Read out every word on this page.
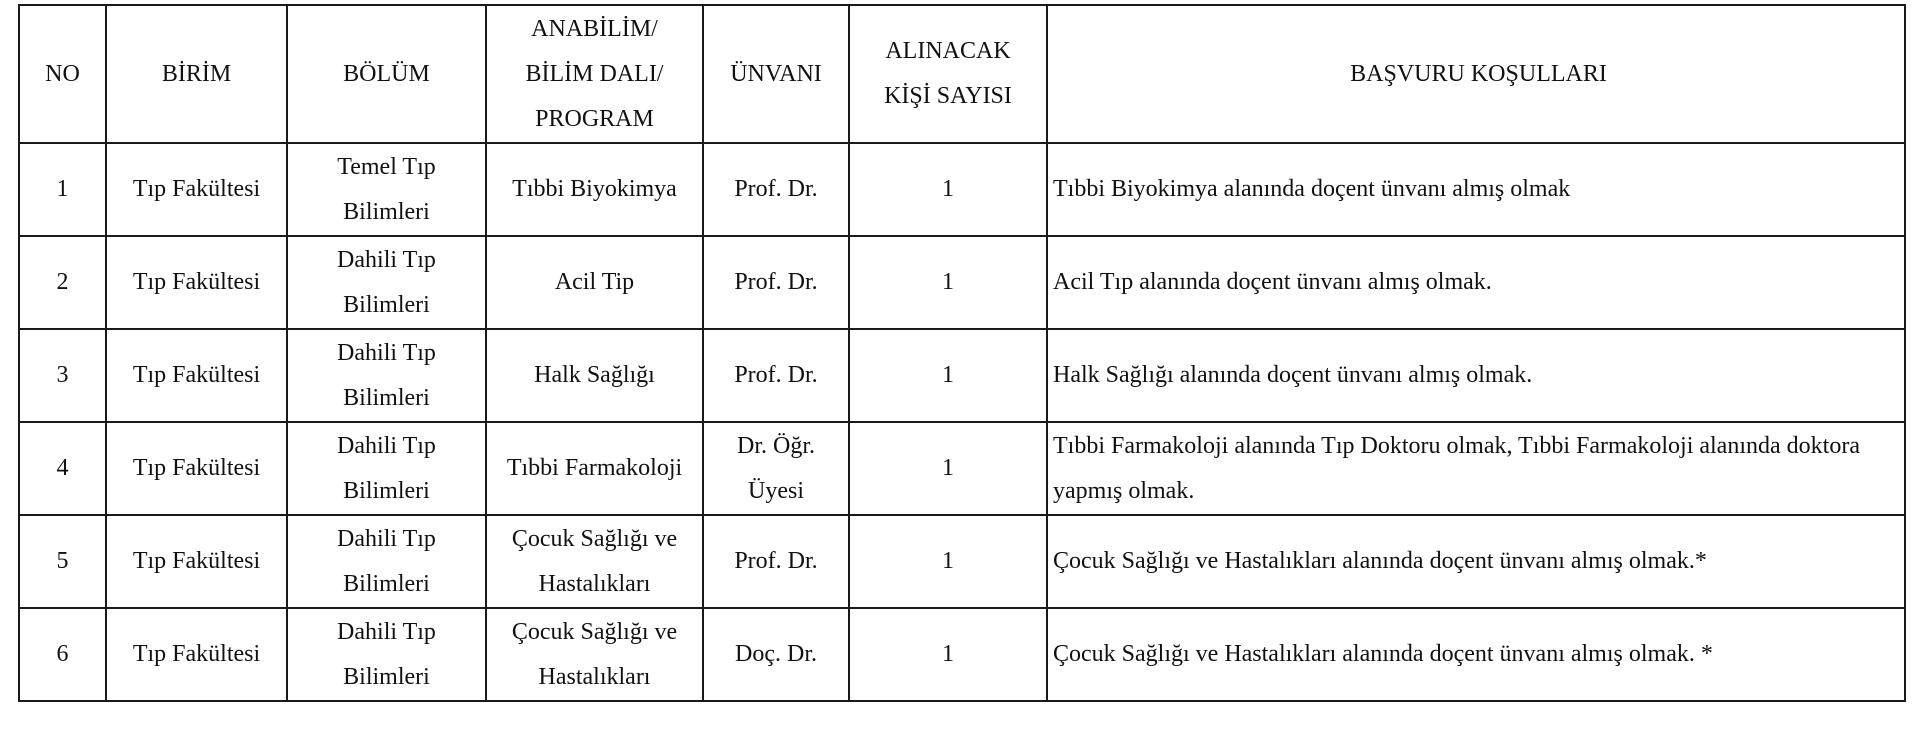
NO	BİRİM	BÖLÜM	ANABİLİM/
BİLİM DALI/
PROGRAM	ÜNVANI	ALINACAK
KİŞİ SAYISI	BAŞVURU KOŞULLARI
1	Tıp Fakültesi	Temel Tıp
Bilimleri	Tıbbi Biyokimya	Prof. Dr.	1	Tıbbi Biyokimya alanında doçent ünvanı almış olmak
2	Tıp Fakültesi	Dahili Tıp
Bilimleri	Acil Tip	Prof. Dr.	1	Acil Tıp alanında doçent ünvanı almış olmak.
3	Tıp Fakültesi	Dahili Tıp
Bilimleri	Halk Sağlığı	Prof. Dr.	1	Halk Sağlığı alanında doçent ünvanı almış olmak.
4	Tıp Fakültesi	Dahili Tıp
Bilimleri	Tıbbi Farmakoloji	Dr. Öğr.
Üyesi	1	Tıbbi Farmakoloji alanında Tıp Doktoru olmak, Tıbbi Farmakoloji alanında doktora yapmış olmak.
5	Tıp Fakültesi	Dahili Tıp
Bilimleri	Çocuk Sağlığı ve
Hastalıkları	Prof. Dr.	1	Çocuk Sağlığı ve Hastalıkları alanında doçent ünvanı almış olmak.*
6	Tıp Fakültesi	Dahili Tıp
Bilimleri	Çocuk Sağlığı ve
Hastalıkları	Doç. Dr.	1	Çocuk Sağlığı ve Hastalıkları alanında doçent ünvanı almış olmak. *
